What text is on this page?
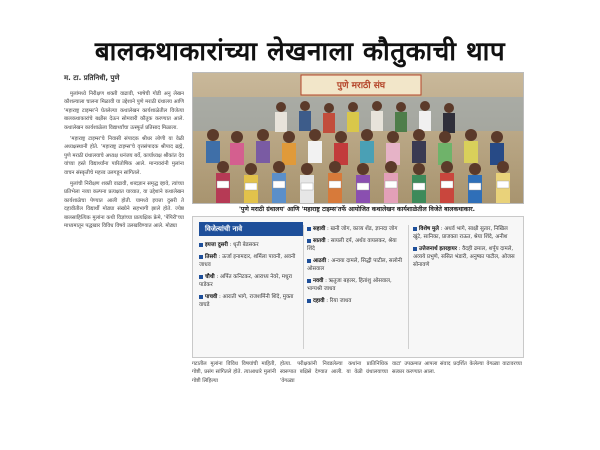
बालकथाकारांच्या लेखनाला कौतुकाची थाप
म. टा. प्रतिनिधी, पुणे

मुलांमध्ये निरीक्षण शक्ती वाढावी, भाषेची गोडी अनु लेखन कौशल्याला चालना मिळावी या उद्देशाने पुणे मराठी ग्रंथालय आणि 'महाराष्ट्र टाइम्स'ने घेतलेल्या कथालेखन कार्यशाळेतील विजेत्या बालकथाकारांचे बक्षीस देऊन सोमवारी कौतुक करण्यात आले. कथालेखन कार्यशाळेला विद्यार्थ्यांचा उत्स्फूर्त प्रतिसाद मिळाला.

'महाराष्ट्र टाइम्स'चे निवासी संपादक श्रीधर लोणी या वेळी अध्यक्षस्थानी होते. 'महाराष्ट्र टाइम्स'चे वृत्तसंपादक श्रीपाद ब्रह्मे, पुणे मराठी ग्रंथालयाचे अध्यक्ष धनंजय बर्वे, कार्याध्यक्ष श्रीकांत देव यांच्या हस्ते विद्यार्थ्यांना पारितोषिक आले. मान्यवरांनी मुलांना वाचन संस्कृतीचे महत्त्व उलगडून सांगितले.

मुलांची निरीक्षण शक्ती वाढावी, शब्दज्ञान समृद्ध व्हावे, त्यांच्या प्रतिभेला नव्या कल्पना प्रत्यक्षात याव्यात, या उद्देशाने कथालेखन कार्यशाळेचा पेण्यात आली होती. यामध्ये इयत्ता दुसरी ते दहावीतील विद्यार्थी मोठ्या संख्येने सहभागी झाले होते. ज्येष्ठ बालसाहित्यिक मुलांना कथी विज्ञांच्या प्रात्यक्षिक फ्रेमे, 'पेंपिरी'च्या माध्यमातून पद्धखार विविध विषये उलखविण्यात आले. मोठ्या

पुणे मराठी संघ
'पुणे मराठी ग्रंथालय' आणि 'महाराष्ट्र टाइम्स'तर्फे आयोजित कथालेखन कार्यशाळेतील विजेते बालकथाकार.
विजेत्यांची नावे
इयत्ता दुसरी : धृती बेडसकर
तिसरी : ऊर्जा इनामदार, शर्मिला पावनी, अवनी जाधव
चौथी : अर्पित कनिटकर, आराध्य नेवरे, मधुरा पाडेकर
पाचवी : आराती भागे, राजशर्मिनी शिंदे, मुक्ता वाघडे
सहावी : खनी जोग, काव्य शेंड, ज्ञानदा जोग
सातवी : सायली दर्प, अर्थव वायलकर, श्रेया शिंदे
आठवी : अन्वया दामले, सिद्धी पाटील, सलोनी ओसवाल
नववी : ऋतुजा बहलर, हितांशु ओसवाल, भाग्यश्री जाधव
दहावी : रिया जाधव
विशेष मुले : अथर्व भागे, साक्षी सुतार, निखिल खुंटे, सानिका, प्राजक्ता राऊत, श्रेया शिंदे, अनीश
उत्तेजनार्थ इतरहायर : वैदही ढमाल, शर्पूय दामले, अव्यये प्रभुणे, ससित भंडारी, अनुष्का पाटील, ओजस सोनावणे
गटातील मुलांना विविध विषयांची माहिती, गोष्टी, प्रसंग सांगितले होते. त्याआधारे मुलांनी गोष्टी लिहिल्या
होत्या. परीक्षकांनी निवडलेल्या कथांना प्रातिनिधिक स्वरूपात बक्षिसे देण्यात आली. या वेळी ग्रंथालयाच्या 'वेगळ्या
वाटा' उपक्रमात आपला संवाद प्रदर्शित केलेल्या वेगळ्या वाटावरच्या सत्कार करण्यात आला.
